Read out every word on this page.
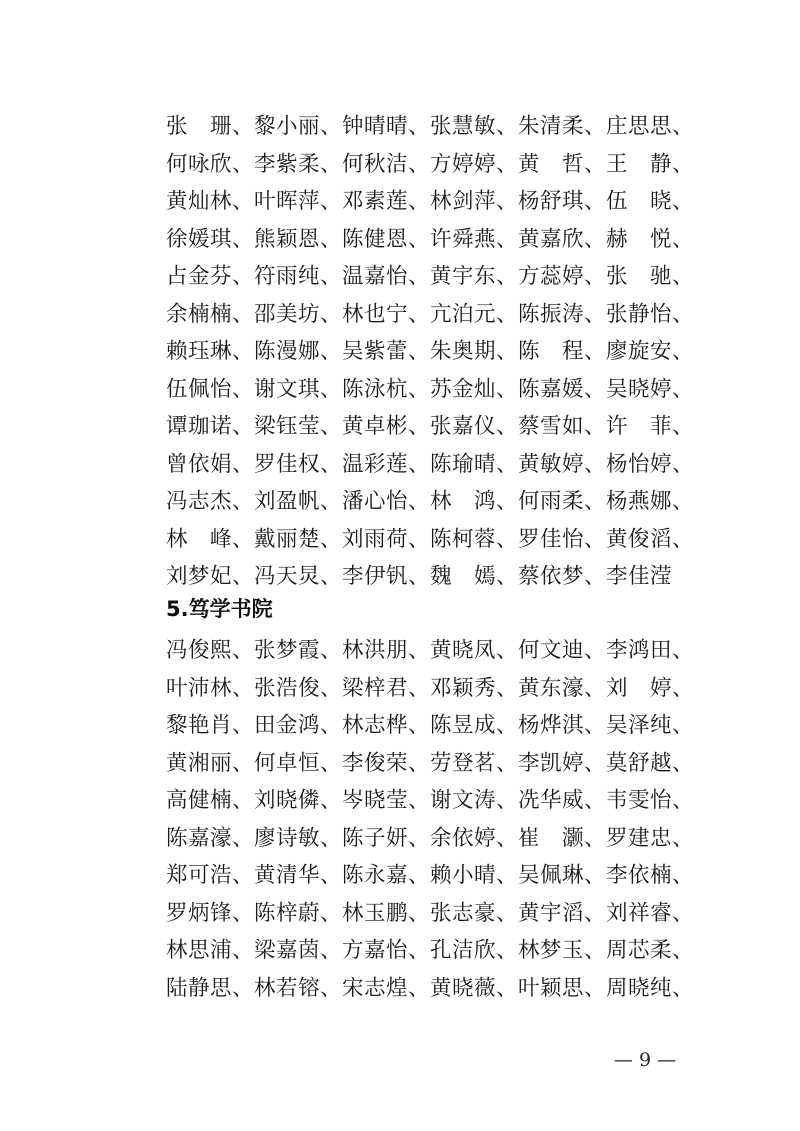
张　珊、黎小丽、钟晴晴、张慧敏、朱清柔、庄思思、
何咏欣、李紫柔、何秋洁、方婷婷、黄　哲、王　静、
黄灿林、叶晖萍、邓素莲、林剑萍、杨舒琪、伍　晓、
徐媛琪、熊颖恩、陈健恩、许舜燕、黄嘉欣、赫　悦、
占金芬、符雨纯、温嘉怡、黄宇东、方蕊婷、张　驰、
余楠楠、邵美坊、林也宁、亢泊元、陈振涛、张静怡、
赖珏琳、陈漫娜、吴紫蕾、朱奥期、陈　程、廖旋安、
伍佩怡、谢文琪、陈泳杭、苏金灿、陈嘉媛、吴晓婷、
谭珈诺、梁钰莹、黄卓彬、张嘉仪、蔡雪如、许　菲、
曾依娟、罗佳权、温彩莲、陈瑜晴、黄敏婷、杨怡婷、
冯志杰、刘盈帆、潘心怡、林　鸿、何雨柔、杨燕娜、
林　峰、戴丽楚、刘雨荷、陈柯蓉、罗佳怡、黄俊滔、
刘梦妃、冯天炅、李伊钒、魏　嫣、蔡依梦、李佳滢
5.笃学书院
冯俊熙、张梦霞、林洪朋、黄晓凤、何文迪、李鸿田、
叶沛林、张浩俊、梁梓君、邓颖秀、黄东濠、刘　婷、
黎艳肖、田金鸿、林志桦、陈昱成、杨烨淇、吴泽纯、
黄湘丽、何卓恒、李俊荣、劳登茗、李凯婷、莫舒越、
高健楠、刘晓僯、岑晓莹、谢文涛、冼华威、韦雯怡、
陈嘉濠、廖诗敏、陈子妍、余依婷、崔　灏、罗建忠、
郑可浩、黄清华、陈永嘉、赖小晴、吴佩琳、李依楠、
罗炳锋、陈梓蔚、林玉鹏、张志豪、黄宇滔、刘祥睿、
林思浦、梁嘉茵、方嘉怡、孔洁欣、林梦玉、周芯柔、
陆静思、林若镕、宋志煌、黄晓薇、叶颖思、周晓纯、
— 9 —
